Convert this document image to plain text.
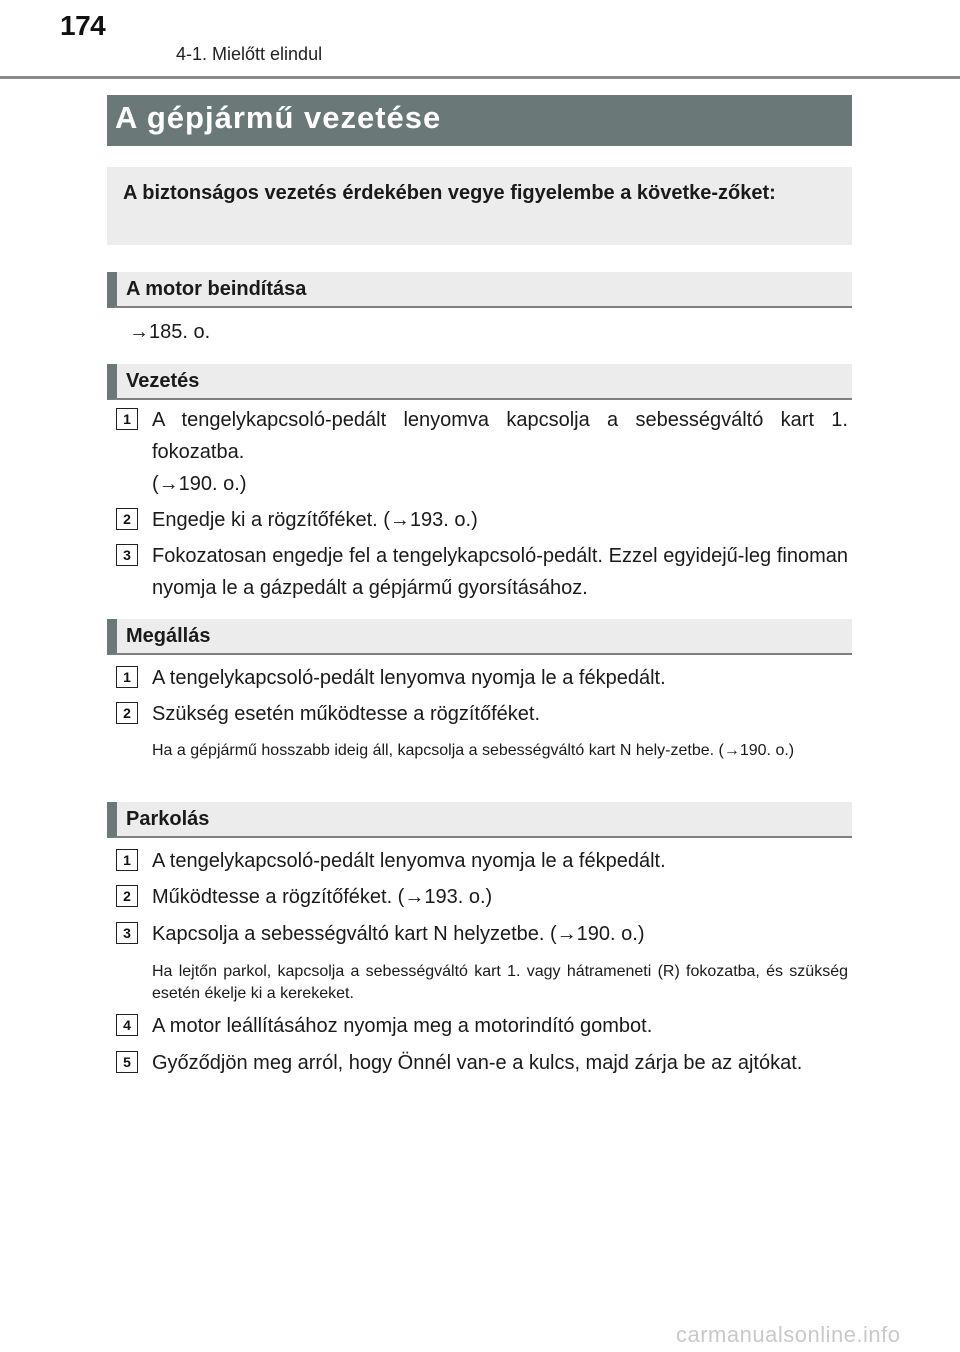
174
4-1. Mielőtt elindul
A gépjármű vezetése
A biztonságos vezetés érdekében vegye figyelembe a követke-zőket:
A motor beindítása
→185. o.
Vezetés
1	A tengelykapcsoló-pedált lenyomva kapcsolja a sebességváltó kart 1. fokozatba.
(→190. o.)
2	Engedje ki a rögzítőféket. (→193. o.)
3	Fokozatosan engedje fel a tengelykapcsoló-pedált. Ezzel egyidejű-leg finoman nyomja le a gázpedált a gépjármű gyorsításához.
Megállás
1	A tengelykapcsoló-pedált lenyomva nyomja le a fékpedált.
2	Szükség esetén működtesse a rögzítőféket.
Ha a gépjármű hosszabb ideig áll, kapcsolja a sebességváltó kart N hely-zetbe. (→190. o.)
Parkolás
1	A tengelykapcsoló-pedált lenyomva nyomja le a fékpedált.
2	Működtesse a rögzítőféket. (→193. o.)
3	Kapcsolja a sebességváltó kart N helyzetbe. (→190. o.)
Ha lejtőn parkol, kapcsolja a sebességváltó kart 1. vagy hátrameneti (R) fokozatba, és szükség esetén ékelje ki a kerekeket.
4	A motor leállításához nyomja meg a motorindító gombot.
5	Győződjön meg arról, hogy Önnél van-e a kulcs, majd zárja be az ajtókat.
carmanualsonline.info
